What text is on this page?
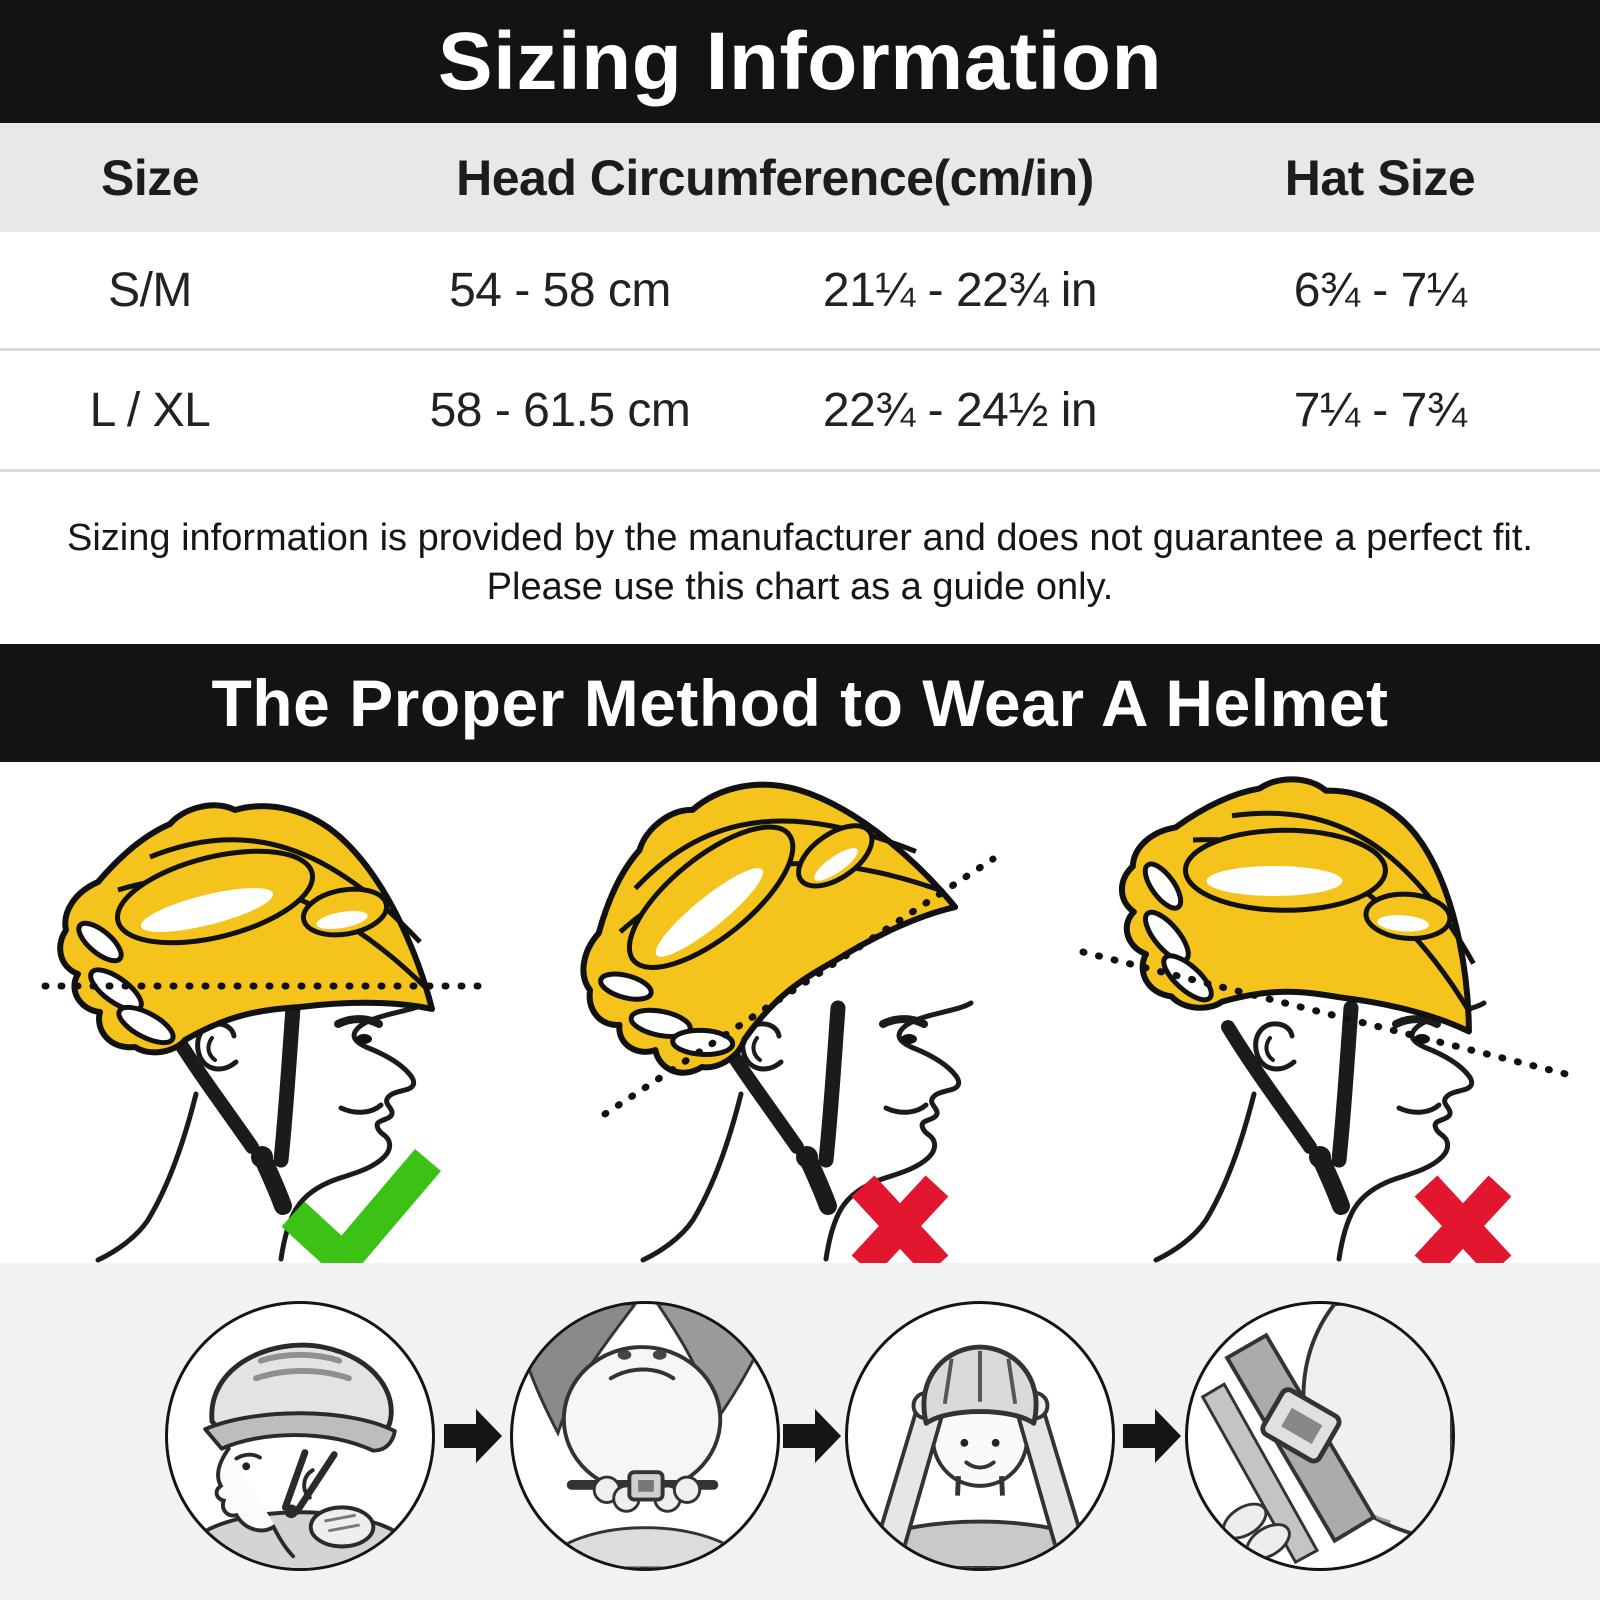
Sizing Information
Size	Head Circumference(cm/in)	Hat Size
S/M	54 - 58 cm	21¼ - 22¾ in	6¾ - 7¼
L / XL	58 - 61.5 cm	22¾ - 24½ in	7¼ - 7¾

Sizing information is provided by the manufacturer and does not guarantee a perfect fit.

Please use this chart as a guide only.

The Proper Method to Wear A Helmet
